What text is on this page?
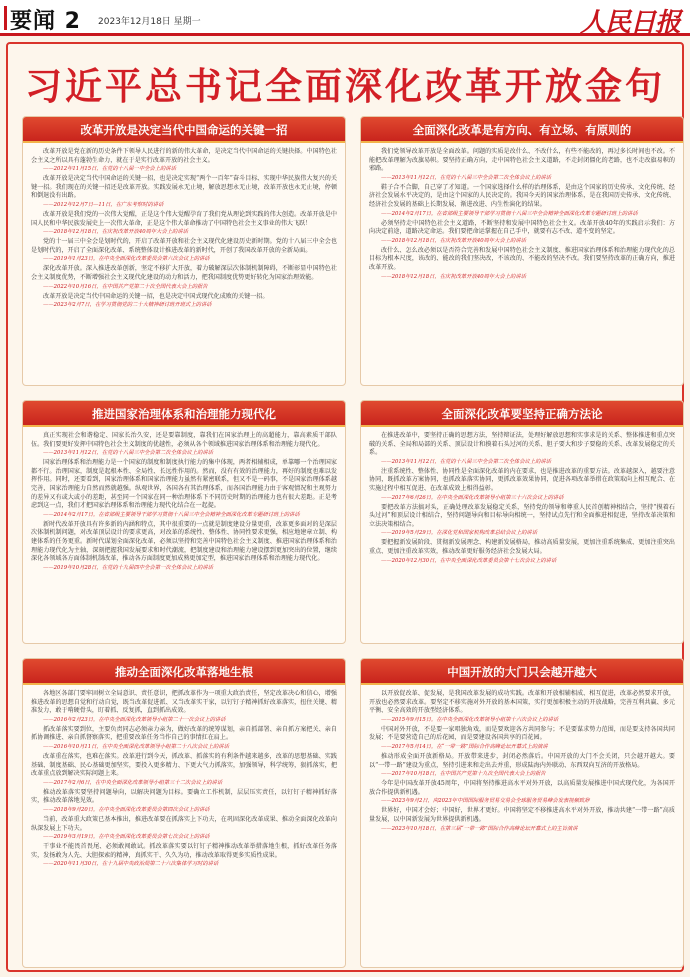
要闻 2 2023年12月18日 星期一	人民日报
习近平总书记全面深化改革开放金句
改革开放是决定当代中国命运的关键一招

改革开放是党在新的历史条件下领导人民进行的新的伟大革命，是决定当代中国命运的关键抉择。中国特色社会主义之所以具有蓬勃生命力，就在于是实行改革开放的社会主义。

——2012年11月15日，在党的十八届一中全会上的讲话

改革开放是决定当代中国命运的关键一招，也是决定实现“两个一百年”奋斗目标、实现中华民族伟大复兴的关键一招。我们现在的关键一招还是改革开放。实践发展永无止境，解放思想永无止境，改革开放也永无止境，停顿和倒退没有出路。

——2012年12月7日—11日，在广东考察时的讲话

改革开放是我们党的一次伟大觉醒，正是这个伟大觉醒孕育了我们党从理论到实践的伟大创造。改革开放是中国人民和中华民族发展史上一次伟大革命，正是这个伟大革命推动了中国特色社会主义事业的伟大飞跃！

——2018年12月18日，在庆祝改革开放40周年大会上的讲话

党的十一届三中全会是划时代的，开启了改革开放和社会主义现代化建设历史新时期。党的十八届三中全会也是划时代的，开启了全面深化改革、系统整体设计推进改革的新时代，开创了我国改革开放的全新局面。

——2019年1月23日，在中央全面深化改革委员会第六次会议上的讲话

深化改革开放。深入推进改革创新，坚定不移扩大开放，着力破解深层次体制机制障碍，不断彰显中国特色社会主义制度优势，不断增强社会主义现代化建设的动力和活力，把我国制度优势更好转化为国家治理效能。

——2022年10月16日，在中国共产党第二十次全国代表大会上的报告

改革开放是决定当代中国命运的关键一招，也是决定中国式现代化成败的关键一招。

——2023年2月7日，在学习贯彻党的二十大精神研讨班开班式上的讲话

推进国家治理体系和治理能力现代化

真正实现社会和谐稳定、国家长治久安，还是要靠制度，靠我们在国家治理上的高超能力，靠高素质干部队伍。我们要更好发挥中国特色社会主义制度的优越性，必须从各个领域推进国家治理体系和治理能力现代化。

——2013年11月12日，在党的十八届三中全会第二次全体会议上的讲话

国家治理体系和治理能力是一个国家的制度和制度执行能力的集中体现，两者相辅相成，单靠哪一个治理国家都不行。治理国家，制度是起根本性、全局性、长远性作用的。然而，没有有效的治理能力，再好的制度也难以发挥作用。同时，还要看到，国家治理体系和国家治理能力虽然有紧密联系，但又不是一码事，不是国家治理体系越完善，国家治理能力自然而然就越强。纵观世界，各国各有其治理体系，而各国治理能力由于客观情况和主观努力的差异又有或大或小的差距，甚至同一个国家在同一种治理体系下不同历史时期的治理能力也有很大差距。正是考虑到这一点，我们才把国家治理体系和治理能力现代化结合在一起提。

——2014年2月17日，在省部级主要领导干部学习贯彻十八届三中全会精神全面深化改革专题研讨班上的讲话

新时代改革开放具有许多新的内涵和特点，其中很重要的一点就是制度建设分量更重，改革更多面对的是深层次体制机制问题，对改革顶层设计的要求更高，对改革的系统性、整体性、协同性要求更强，相应地建章立制、构建体系的任务更重。新时代谋划全面深化改革，必须以坚持和完善中国特色社会主义制度、推进国家治理体系和治理能力现代化为主轴，深刻把握我国发展要求和时代潮流，把制度建设和治理能力建设摆到更加突出的位置，继续深化各领域各方面体制机制改革，推动各方面制度更加成熟更加定型，推进国家治理体系和治理能力现代化。

——2019年10月28日，在党的十九届四中全会第一次全体会议上的讲话

推动全面深化改革落地生根

各地区各部门要牢固树立全局意识、责任意识，把抓改革作为一项重大政治责任，坚定改革决心和信心，增强推进改革的思想自觉和行动自觉，既当改革促进派、又当改革实干家，以钉钉子精神抓好改革落实，扭住关键、精准发力，敢于啃硬骨头，盯着抓、反复抓，直到抓出成效。

——2016年2月23日，在中央全面深化改革领导小组第二十一次会议上的讲话

抓改革落实要到位，主要负责同志必须亲力亲为，做好改革的统筹谋划，亲自抓部署、亲自抓方案把关、亲自抓协调推进、亲自抓督察落实，把重要改革任务当作自己的事情扛在肩上。

——2016年10月11日，在中央全面深化改革领导小组第二十八次会议上的讲话

改革重在落实，也难在落实。改革进行到今天，抓改革、抓落实的有利条件越来越多，改革的思想基础、实践基础、制度基础、民心基础更加坚实，要投入更多精力、下更大气力抓落实，加强领导，科学统筹，狠抓落实，把改革重点放到解决实际问题上来。

——2017年2月6日，在中央全面深化改革领导小组第三十二次会议上的讲话

推动改革落实要坚持问题导向，以解决问题为目标。要确立工作机制，层层压实责任，以钉钉子精神抓好落实，推动改革落地见效。

——2018年9月20日，在中央全面深化改革委员会第四次会议上的讲话

当前，改革重大政策已基本推出，推进改革要在抓落实上下功夫，在巩固深化改革成果、推动全面深化改革向纵深发展上下功夫。

——2019年3月19日，在中央全面深化改革委员会第七次会议上的讲话

干事业不能畏首畏尾、必须敢闯敢试。抓改革落实要以钉钉子精神推动改革举措落地生根，抓好改革任务落实，发扬敢为人先、大胆探索的精神，真抓实干、久久为功，推动改革取得更多实质性成果。

——2020年11月30日，在十九届中央政治局第二十六次集体学习时的讲话

全面深化改革是有方向、有立场、有原则的

我们党领导改革开放是全面改革。问题的实质是改什么、不改什么，有些不能改的，再过多长时间也不改。不能把改革理解为改旗易帜。要坚持正确方向，走中国特色社会主义道路，不走封闭僵化的老路，也不走改旗易帜的邪路。

——2013年11月12日，在党的十八届三中全会第二次全体会议上的讲话

鞋子合不合脚，自己穿了才知道。一个国家选择什么样的治理体系，是由这个国家的历史传承、文化传统、经济社会发展水平决定的，是由这个国家的人民决定的。我国今天的国家治理体系，是在我国历史传承、文化传统、经济社会发展的基础上长期发展、渐进改进、内生性演化的结果。

——2014年2月17日，在省部级主要领导干部学习贯彻十八届三中全会精神全面深化改革专题研讨班上的讲话

必须坚持走中国特色社会主义道路，不断坚持和发展中国特色社会主义。改革开放40年的实践启示我们：方向决定前途，道路决定命运。我们要把命运掌握在自己手中，就要有志不改、道不变的坚定。

——2018年12月18日，在庆祝改革开放40周年大会上的讲话

改什么、怎么改必须以是否符合完善和发展中国特色社会主义制度、推进国家治理体系和治理能力现代化的总目标为根本尺度，该改的、能改的我们坚决改，不该改的、不能改的坚决不改。我们要坚持改革的正确方向，推进改革开放。

——2018年12月18日，在庆祝改革开放40周年大会上的讲话

全面深化改革要坚持正确方法论

在推进改革中，要坚持正确的思想方法，坚持辩证法，处理好解放思想和实事求是的关系、整体推进和重点突破的关系、全局和局部的关系、顶层设计和摸着石头过河的关系、胆子要大和步子要稳的关系、改革发展稳定的关系。

——2013年11月12日，在党的十八届三中全会第二次全体会议上的讲话

注重系统性、整体性、协同性是全面深化改革的内在要求，也是推进改革的重要方法。改革越深入，越要注意协同，既抓改革方案协同，也抓改革落实协同，更抓改革效果协同，促进各项改革举措在政策取向上相互配合、在实施过程中相互促进、在改革成效上相得益彰。

——2017年6月26日，在中央全面深化改革领导小组第三十六次会议上的讲话

要把改革方法搞对头，正确处理改革发展稳定关系，坚持党的领导和尊重人民首创精神相结合，坚持“摸着石头过河”和顶层设计相结合，坚持问题导向和目标导向相统一，坚持试点先行和全面推进相促进，坚持改革决策和立法决策相结合。

——2019年5月29日，在深化党和国家机构改革总结会议上的讲话

要把握新发展阶段、贯彻新发展理念、构建新发展格局，推动高质量发展，更加注重系统集成、更加注重突出重点、更加注重改革实效，推动改革更好服务经济社会发展大局。

——2020年12月30日，在中央全面深化改革委员会第十七次会议上的讲话

中国开放的大门只会越开越大

以开放促改革、促发展，是我国改革发展的成功实践。改革和开放相辅相成、相互促进，改革必然要求开放，开放也必然要求改革。要坚定不移实施对外开放的基本国策，实行更加积极主动的开放战略，完善互利共赢、多元平衡、安全高效的开放型经济体系。

——2015年9月15日，在中央全面深化改革领导小组第十六次会议上的讲话

中国对外开放，不是要一家唱独角戏，而是要欢迎各方共同参与；不是要谋求势力范围，而是要支持各国共同发展；不是要营造自己的后花园，而是要建设各国共享的百花园。

——2017年5月14日，在“一带一路”国际合作高峰论坛开幕式上的演讲

推动形成全面开放新格局。开放带来进步，封闭必然落后。中国开放的大门不会关闭，只会越开越大。要以“一带一路”建设为重点，坚持引进来和走出去并重，形成陆海内外联动、东西双向互济的开放格局。

——2017年10月18日，在中国共产党第十九次全国代表大会上的报告

今年是中国改革开放45周年，中国将坚持推进高水平对外开放，以高质量发展推进中国式现代化，为各国开放合作提供新机遇。

——2023年9月2日，向2023年中国国际服务贸易交易会全球服务贸易峰会发表视频致辞

世界好，中国才会好；中国好，世界才更好。中国将坚定不移推进高水平对外开放，推动共建“一带一路”高质量发展，以中国新发展为世界提供新机遇。

——2023年10月18日，在第三届“一带一路”国际合作高峰论坛开幕式上的主旨演讲
